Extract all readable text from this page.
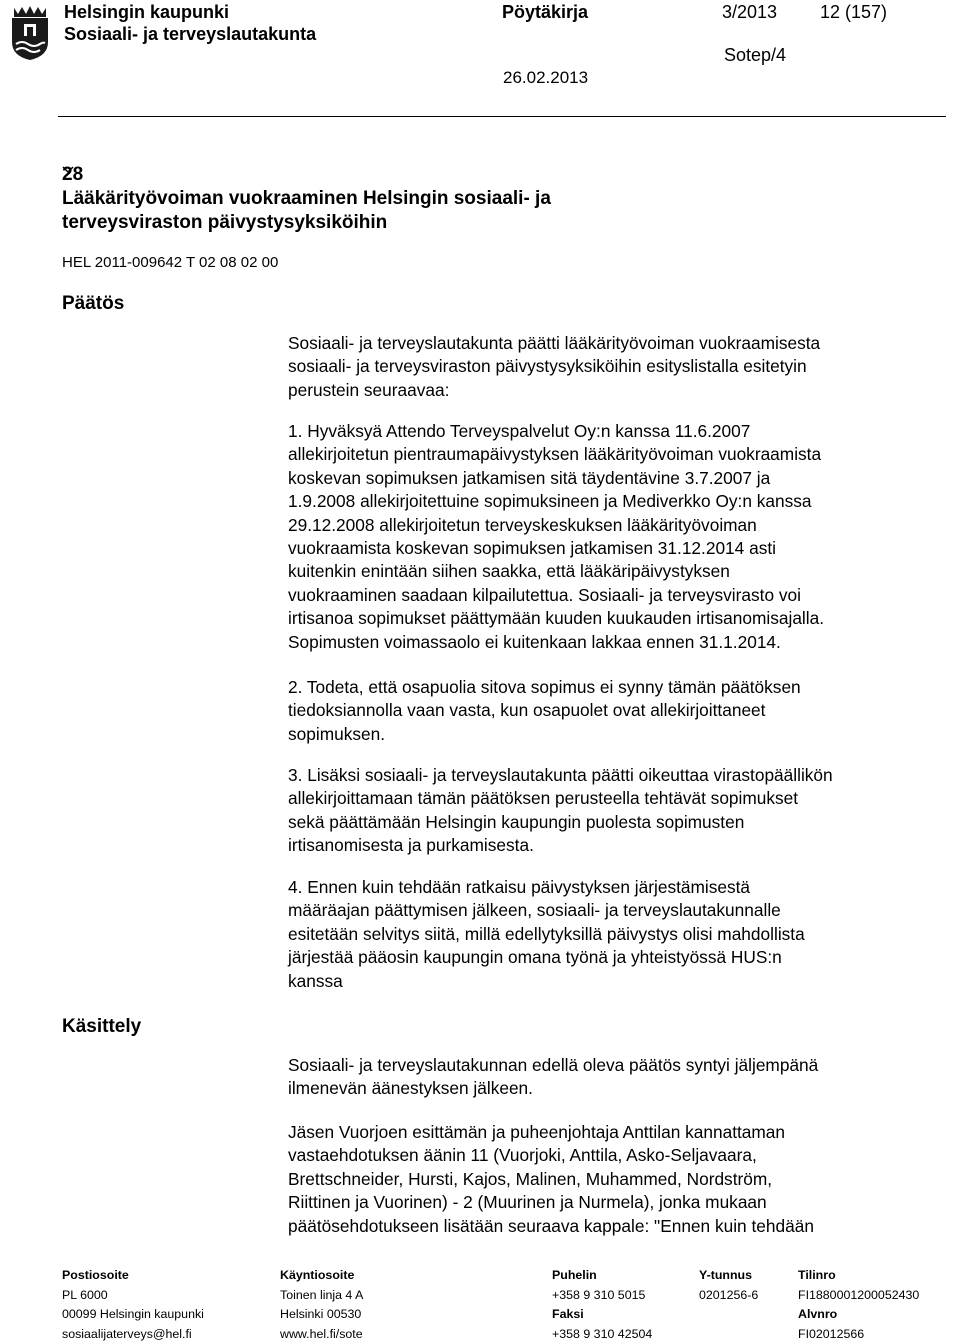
Helsingin kaupunki
Sosiaali- ja terveyslautakunta
Pöytäkirja	3/2013 12 (157)
Sotep/4
26.02.2013
28
Lääkärityövoiman vuokraaminen Helsingin sosiaali- ja
terveysviraston päivystysyksiköihin
HEL 2011-009642 T 02 08 02 00
Päätös
Käsittely
Sosiaali- ja terveyslautakunta päätti lääkärityövoiman vuokraamisesta
sosiaali- ja terveysviraston päivystysyksiköihin esityslistalla esitetyin
perustein seuraavaa:
1. Hyväksyä Attendo Terveyspalvelut Oy:n kanssa 11.6.2007
allekirjoitetun pientraumapäivystyksen lääkärityövoiman vuokraamista
koskevan sopimuksen jatkamisen sitä täydentävine 3.7.2007 ja
1.9.2008 allekirjoitettuine sopimuksineen ja Mediverkko Oy:n kanssa
29.12.2008 allekirjoitetun terveyskeskuksen lääkärityövoiman
vuokraamista koskevan sopimuksen jatkamisen 31.12.2014 asti
kuitenkin enintään siihen saakka, että lääkäripäivystyksen
vuokraaminen saadaan kilpailutettua. Sosiaali- ja terveysvirasto voi
irtisanoa sopimukset päättymään kuuden kuukauden irtisanomisajalla.
Sopimusten voimassaolo ei kuitenkaan lakkaa ennen 31.1.2014.
2. Todeta, että osapuolia sitova sopimus ei synny tämän päätöksen
tiedoksiannolla vaan vasta, kun osapuolet ovat allekirjoittaneet
sopimuksen.
3. Lisäksi sosiaali- ja terveyslautakunta päätti oikeuttaa virastopäällikön
allekirjoittamaan tämän päätöksen perusteella tehtävät sopimukset
sekä päättämään Helsingin kaupungin puolesta sopimusten
irtisanomisesta ja purkamisesta.
4. Ennen kuin tehdään ratkaisu päivystyksen järjestämisestä
määräajan päättymisen jälkeen, sosiaali- ja terveyslautakunnalle
esitetään selvitys siitä, millä edellytyksillä päivystys olisi mahdollista
järjestää pääosin kaupungin omana työnä ja yhteistyössä HUS:n
kanssa
Sosiaali- ja terveyslautakunnan edellä oleva päätös syntyi jäljempänä
ilmenevän äänestyksen jälkeen.
Jäsen Vuorjoen esittämän ja puheenjohtaja Anttilan kannattaman
vastaehdotuksen äänin 11 (Vuorjoki, Anttila, Asko-Seljavaara,
Brettschneider, Hursti, Kajos, Malinen, Muhammed, Nordström,
Riittinen ja Vuorinen) - 2 (Muurinen ja Nurmela), jonka mukaan
päätösehdotukseen lisätään seuraava kappale: "Ennen kuin tehdään
Postiosoite
PL 6000
00099 Helsingin kaupunki
sosiaalijaterveys@hel.fi
Käyntiosoite
Toinen linja 4 A
Helsinki 00530
www.hel.fi/sote
Puhelin
+358 9 310 5015
Faksi
+358 9 310 42504
Y-tunnus
0201256-6
Tilinro
FI1880001200052430
Alvnro
FI02012566
